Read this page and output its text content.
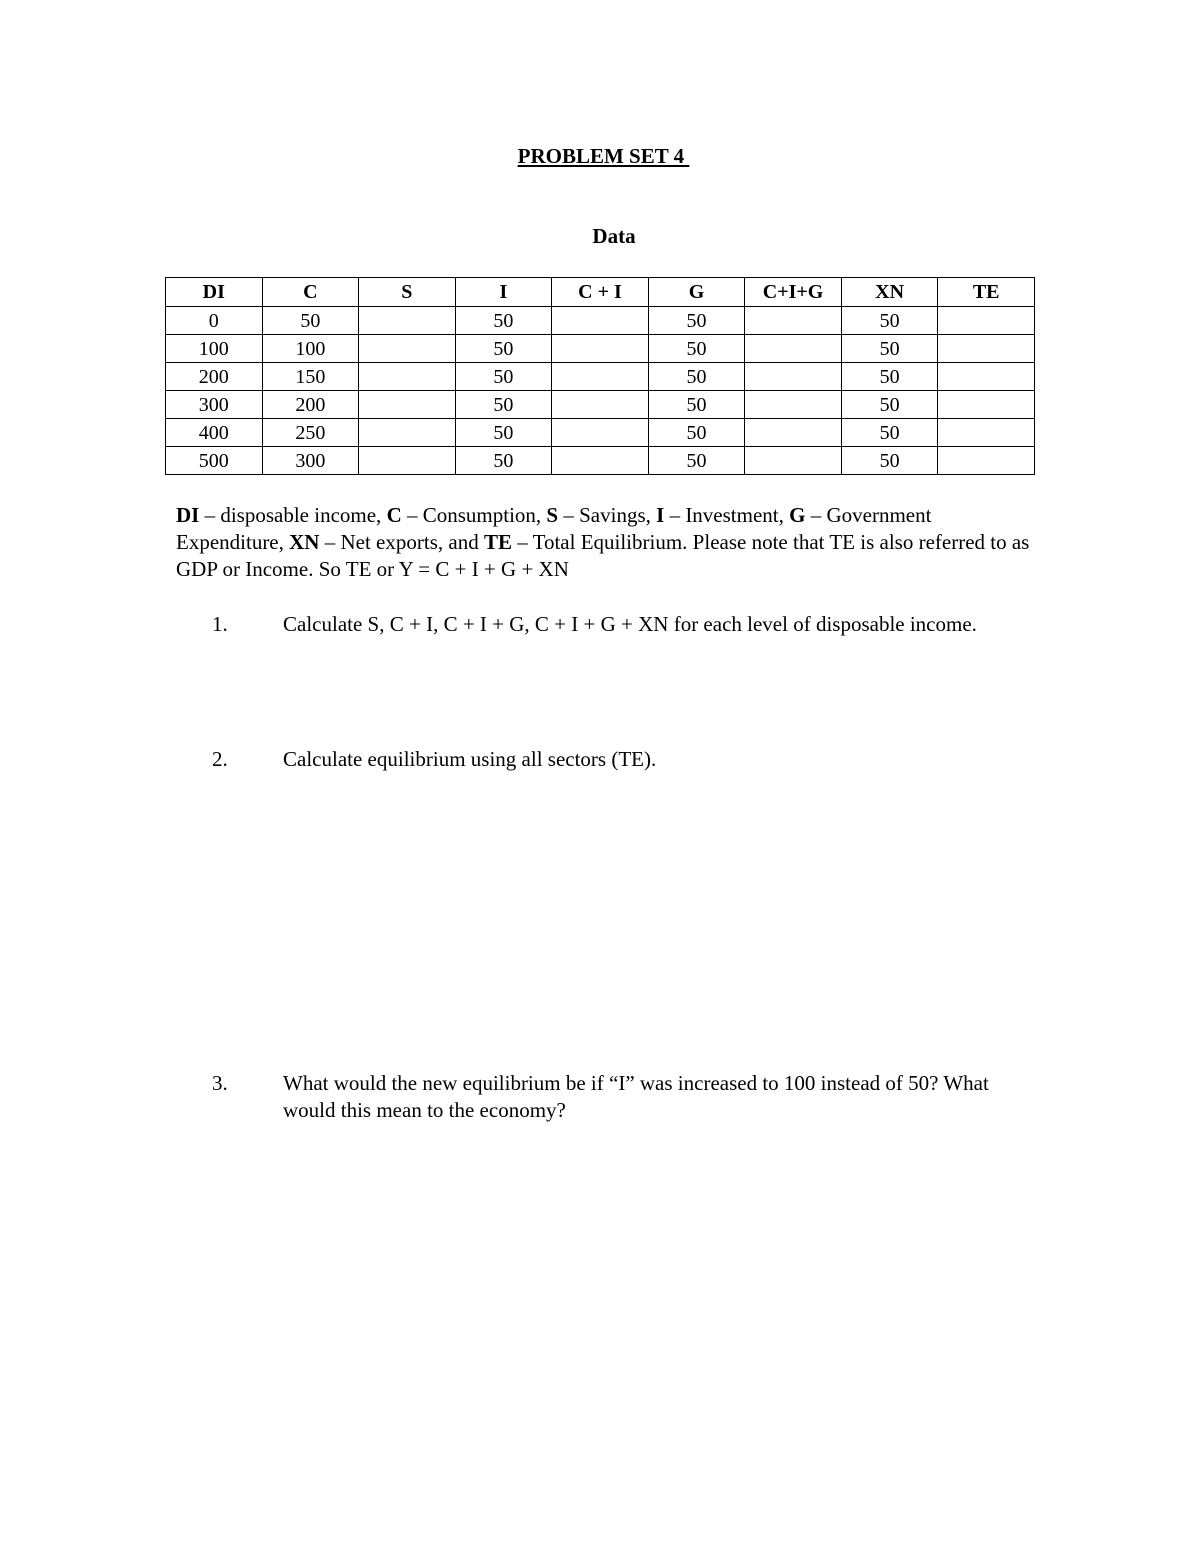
PROBLEM SET 4
Data
DI	C	S	I	C + I	G	C+I+G	XN	TE
0	50		50		50		50	
100	100		50		50		50	
200	150		50		50		50	
300	200		50		50		50	
400	250		50		50		50	
500	300		50		50		50	
DI – disposable income, C – Consumption, S – Savings, I – Investment, G – Government Expenditure, XN – Net exports, and TE – Total Equilibrium. Please note that TE is also referred to as GDP or Income. So TE or Y = C + I + G + XN
1.	Calculate S, C + I, C + I + G, C + I + G + XN for each level of disposable income.
2.	Calculate equilibrium using all sectors (TE).
3.	What would the new equilibrium be if “I” was increased to 100 instead of 50? What would this mean to the economy?
